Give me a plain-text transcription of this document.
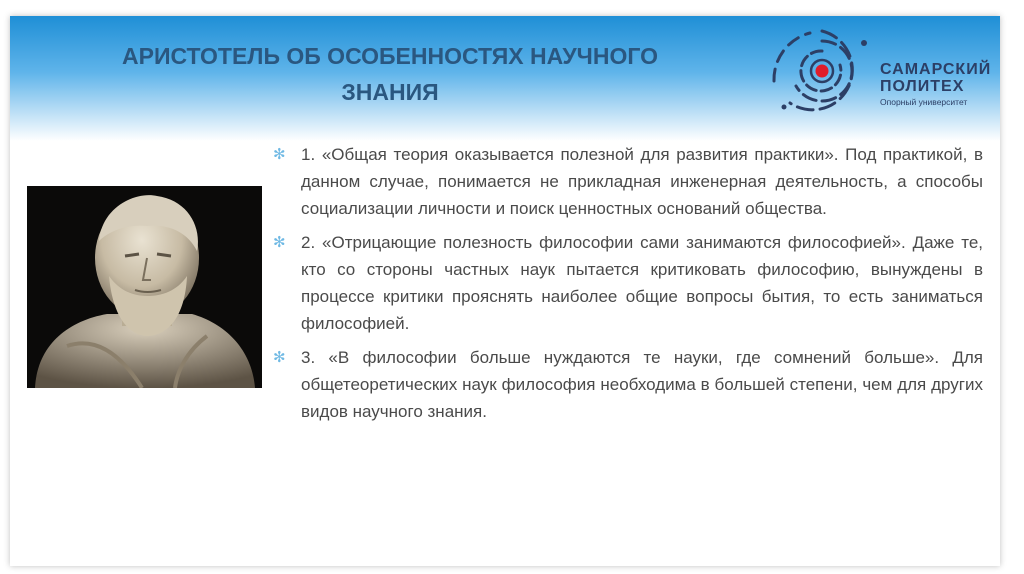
АРИСТОТЕЛЬ ОБ ОСОБЕННОСТЯХ НАУЧНОГО
ЗНАНИЯ
САМАРСКИЙ
ПОЛИТЕХ
Опорный университет
✻ 1. «Общая теория оказывается полезной для развития практики». Под практикой, в данном случае, понимается не прикладная инженерная деятельность, а способы социализации личности и поиск ценностных оснований общества.
✻ 2. «Отрицающие полезность философии сами занимаются философией». Даже те, кто со стороны частных наук пытается критиковать философию, вынуждены в процессе критики прояснять наиболее общие вопросы бытия, то есть заниматься философией.
✻ 3. «В философии больше нуждаются те науки, где сомнений больше». Для общетеоретических наук философия необходима в большей степени, чем для других видов научного знания.
